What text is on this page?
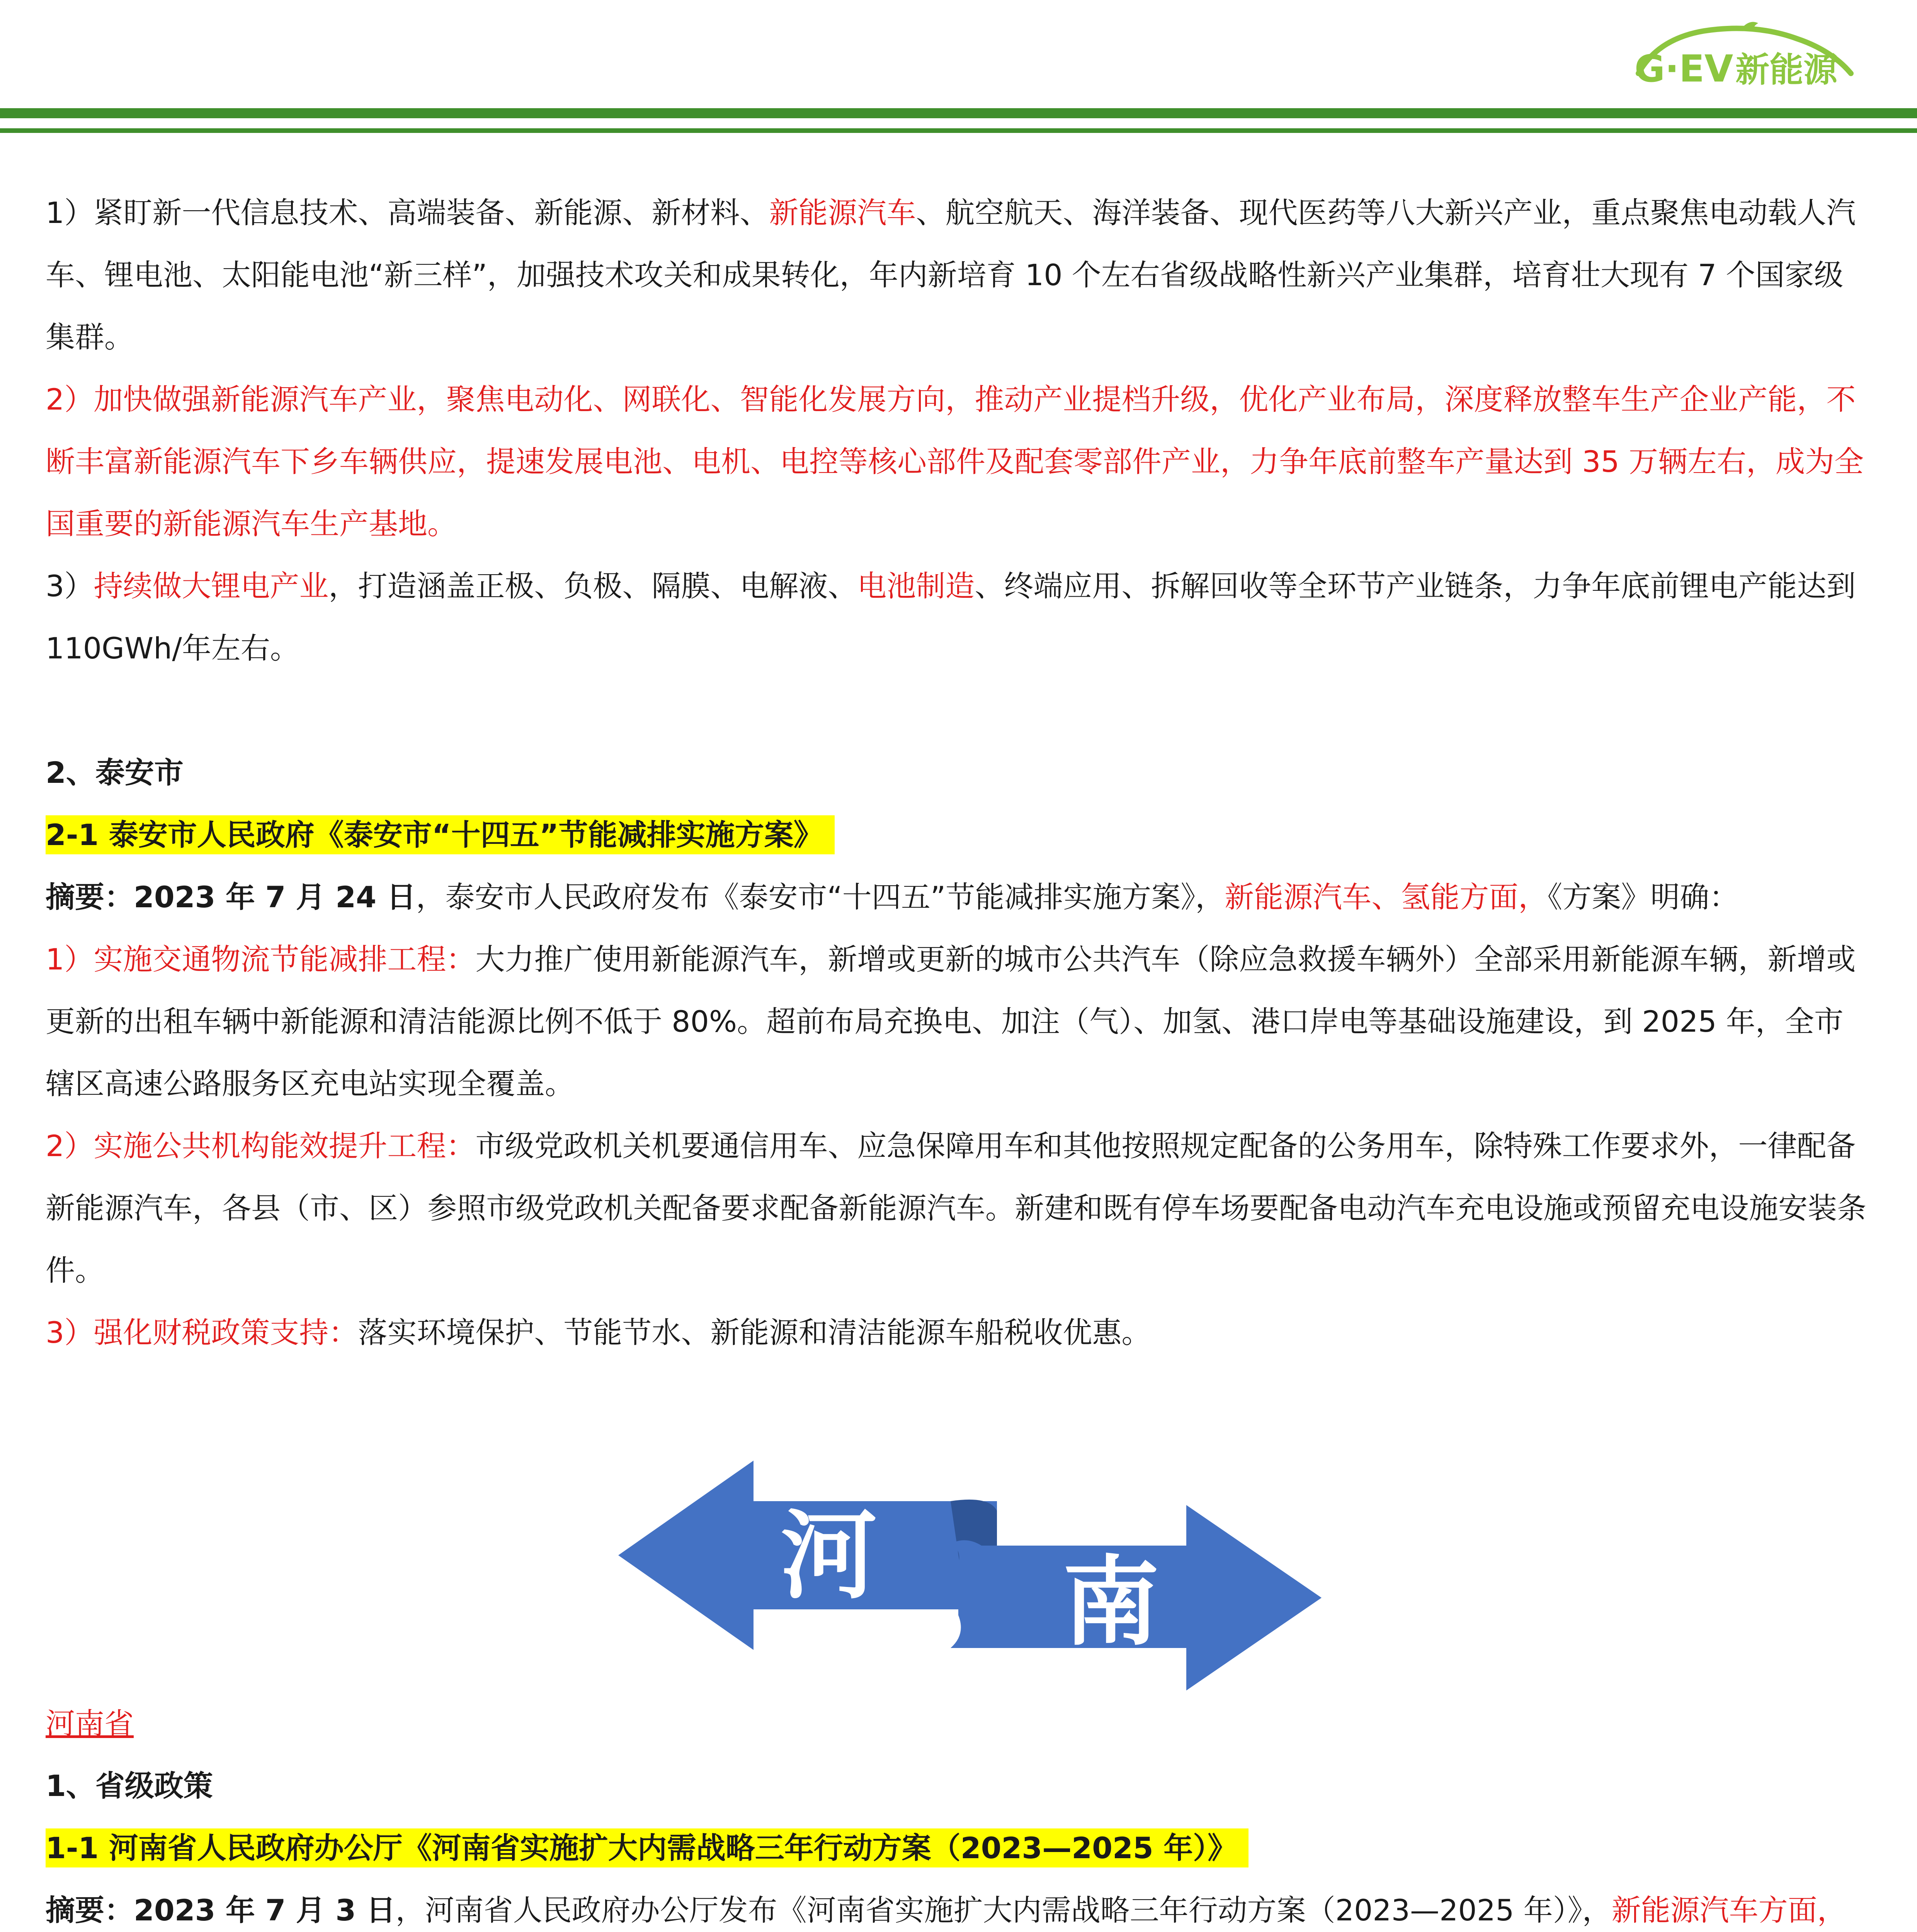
G·EV新能源

1）紧盯新一代信息技术、高端装备、新能源、新材料、新能源汽车、航空航天、海洋装备、现代医药等八大新兴产业，重点聚焦电动载人汽车、锂电池、太阳能电池“新三样”，加强技术攻关和成果转化，年内新培育 10 个左右省级战略性新兴产业集群，培育壮大现有 7 个国家级集群。

2）加快做强新能源汽车产业，聚焦电动化、网联化、智能化发展方向，推动产业提档升级，优化产业布局，深度释放整车生产企业产能，不断丰富新能源汽车下乡车辆供应，提速发展电池、电机、电控等核心部件及配套零部件产业，力争年底前整车产量达到 35 万辆左右，成为全国重要的新能源汽车生产基地。

3）持续做大锂电产业，打造涵盖正极、负极、隔膜、电解液、电池制造、终端应用、拆解回收等全环节产业链条，力争年底前锂电产能达到 110GWh/年左右。

2、泰安市

2-1 泰安市人民政府《泰安市“十四五”节能减排实施方案》

摘要：2023 年 7 月 24 日，泰安市人民政府发布《泰安市“十四五”节能减排实施方案》，新能源汽车、氢能方面，《方案》明确：

1）实施交通物流节能减排工程：大力推广使用新能源汽车，新增或更新的城市公共汽车（除应急救援车辆外）全部采用新能源车辆，新增或更新的出租车辆中新能源和清洁能源比例不低于 80%。超前布局充换电、加注（气）、加氢、港口岸电等基础设施建设，到 2025 年，全市辖区高速公路服务区充电站实现全覆盖。

2）实施公共机构能效提升工程：市级党政机关机要通信用车、应急保障用车和其他按照规定配备的公务用车，除特殊工作要求外，一律配备新能源汽车，各县（市、区）参照市级党政机关配备要求配备新能源汽车。新建和既有停车场要配备电动汽车充电设施或预留充电设施安装条件。

3）强化财税政策支持：落实环境保护、节能节水、新能源和清洁能源车船税收优惠。

河 南

河南省

1、省级政策

1-1 河南省人民政府办公厅《河南省实施扩大内需战略三年行动方案（2023—2025 年）》

摘要：2023 年 7 月 3 日，河南省人民政府办公厅发布《河南省实施扩大内需战略三年行动方案（2023—2025 年）》，新能源汽车方面，
